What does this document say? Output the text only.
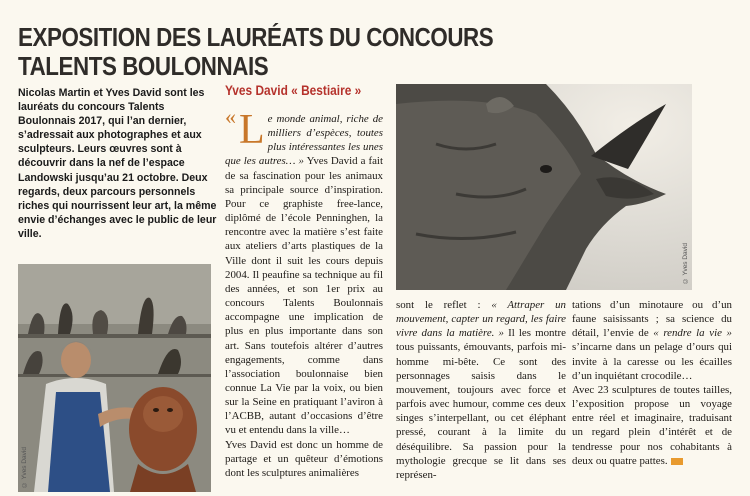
EXPOSITION DES LAURÉATS DU CONCOURS
TALENTS BOULONNAIS
Nicolas Martin et Yves David sont les lauréats du concours Talents Boulonnais 2017, qui l’an dernier, s’adressait aux photographes et aux sculpteurs. Leurs œuvres sont à découvrir dans la nef de l’espace Landowski jusqu’au 21 octobre. Deux regards, deux parcours personnels riches qui nourrissent leur art, la même envie d’échanges avec le public de leur ville.
© Yves David
Yves David « Bestiaire »
« Le monde animal, riche de milliers d’espèces, toutes plus intéressantes les unes que les autres… » Yves David a fait de sa fascination pour les animaux sa principale source d’inspiration. Pour ce graphiste free-lance, diplômé de l’école Penninghen, la rencontre avec la matière s’est faite aux ateliers d’arts plastiques de la Ville dont il suit les cours depuis 2004. Il peaufine sa technique au fil des années, et son 1er prix au concours Talents Boulonnais accompagne une implication de plus en plus importante dans son art. Sans toutefois altérer d’autres engagements, comme dans l’association boulonnaise bien connue La Vie par la voix, ou bien sur la Seine en pratiquant l’aviron à l’ACBB, autant d’occasions d’être vu et entendu dans la ville…

Yves David est donc un homme de partage et un quêteur d’émotions dont les sculptures animalières

© Yves David

sont le reflet : « Attraper un mouvement, capter un regard, les faire vivre dans la matière. » Il les montre tous puissants, émouvants, parfois mi-homme mi-bête. Ce sont des personnages saisis dans le mouvement, toujours avec force et parfois avec humour, comme ces deux singes s’interpellant, ou cet éléphant pressé, courant à la limite du déséquilibre. Sa passion pour la mythologie grecque se lit dans ses représen-

tations d’un minotaure ou d’un faune saisissants ; sa science du détail, l’envie de « rendre la vie » s’incarne dans un pelage d’ours qui invite à la caresse ou les écailles d’un inquiétant crocodile…

Avec 23 sculptures de toutes tailles, l’exposition propose un voyage entre réel et imaginaire, traduisant un regard plein d’intérêt et de tendresse pour nos cohabitants à deux ou quatre pattes.
